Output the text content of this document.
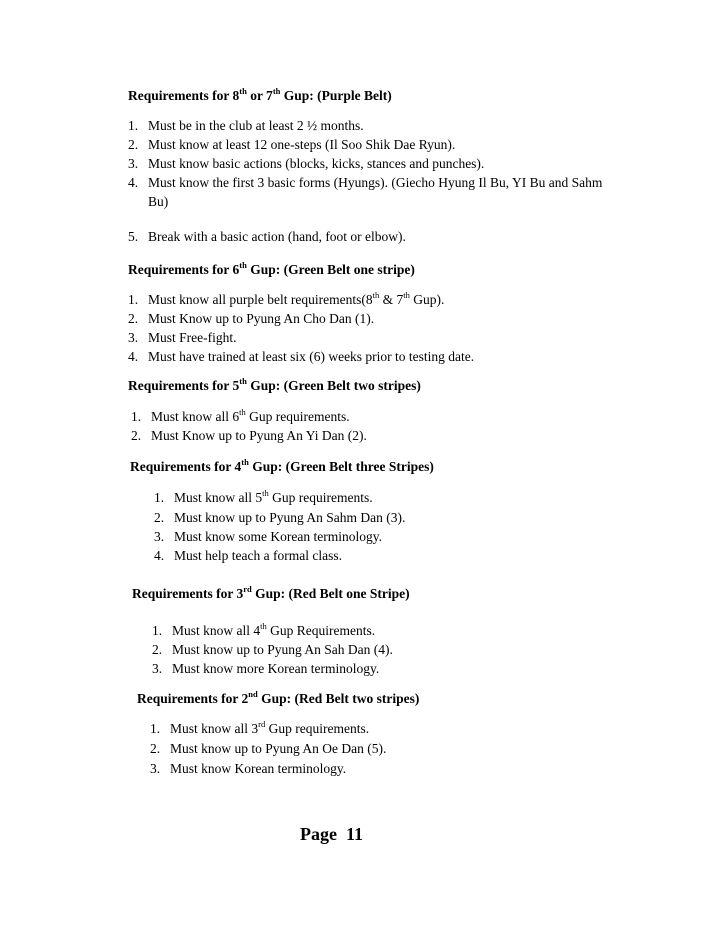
Requirements for 8th or 7th Gup: (Purple Belt)
1. Must be in the club at least 2 ½ months.
2. Must know at least 12 one-steps (Il Soo Shik Dae Ryun).
3. Must know basic actions (blocks, kicks, stances and punches).
4. Must know the first 3 basic forms (Hyungs). (Giecho Hyung Il Bu, YI Bu and Sahm
Bu)
5. Break with a basic action (hand, foot or elbow).
Requirements for 6th Gup: (Green Belt one stripe)
1. Must know all purple belt requirements(8th & 7th Gup).
2. Must Know up to Pyung An Cho Dan (1).
3. Must Free-fight.
4. Must have trained at least six (6) weeks prior to testing date.
Requirements for 5th Gup: (Green Belt two stripes)
1. Must know all 6th Gup requirements.
2. Must Know up to Pyung An Yi Dan (2).
Requirements for 4th Gup: (Green Belt three Stripes)
1. Must know all 5th Gup requirements.
2. Must know up to Pyung An Sahm Dan (3).
3. Must know some Korean terminology.
4. Must help teach a formal class.
Requirements for 3rd Gup: (Red Belt one Stripe)
1. Must know all 4th Gup Requirements.
2. Must know up to Pyung An Sah Dan (4).
3. Must know more Korean terminology.
Requirements for 2nd Gup: (Red Belt two stripes)
1. Must know all 3rd Gup requirements.
2. Must know up to Pyung An Oe Dan (5).
3. Must know Korean terminology.
Page  11
